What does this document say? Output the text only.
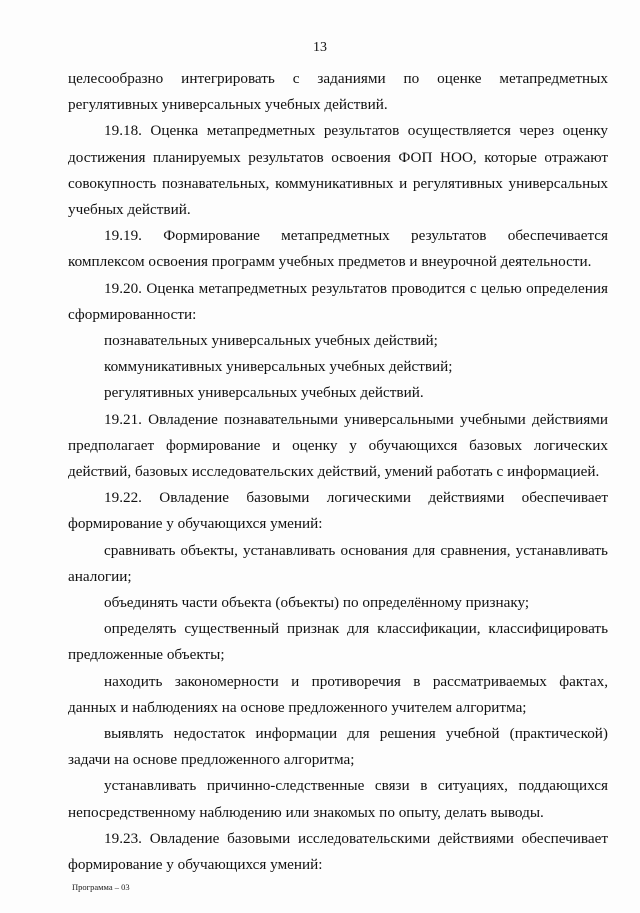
13

целесообразно интегрировать с заданиями по оценке метапредметных регулятивных универсальных учебных действий.

19.18. Оценка метапредметных результатов осуществляется через оценку достижения планируемых результатов освоения ФОП НОО, которые отражают совокупность познавательных, коммуникативных и регулятивных универсальных учебных действий.

19.19. Формирование метапредметных результатов обеспечивается комплексом освоения программ учебных предметов и внеурочной деятельности.

19.20. Оценка метапредметных результатов проводится с целью определения сформированности:

познавательных универсальных учебных действий;

коммуникативных универсальных учебных действий;

регулятивных универсальных учебных действий.

19.21. Овладение познавательными универсальными учебными действиями предполагает формирование и оценку у обучающихся базовых логических действий, базовых исследовательских действий, умений работать с информацией.

19.22. Овладение базовыми логическими действиями обеспечивает формирование у обучающихся умений:

сравнивать объекты, устанавливать основания для сравнения, устанавливать аналогии;

объединять части объекта (объекты) по определённому признаку;

определять существенный признак для классификации, классифицировать предложенные объекты;

находить закономерности и противоречия в рассматриваемых фактах, данных и наблюдениях на основе предложенного учителем алгоритма;

выявлять недостаток информации для решения учебной (практической) задачи на основе предложенного алгоритма;

устанавливать причинно-следственные связи в ситуациях, поддающихся непосредственному наблюдению или знакомых по опыту, делать выводы.

19.23. Овладение базовыми исследовательскими действиями обеспечивает формирование у обучающихся умений:

Программа – 03
